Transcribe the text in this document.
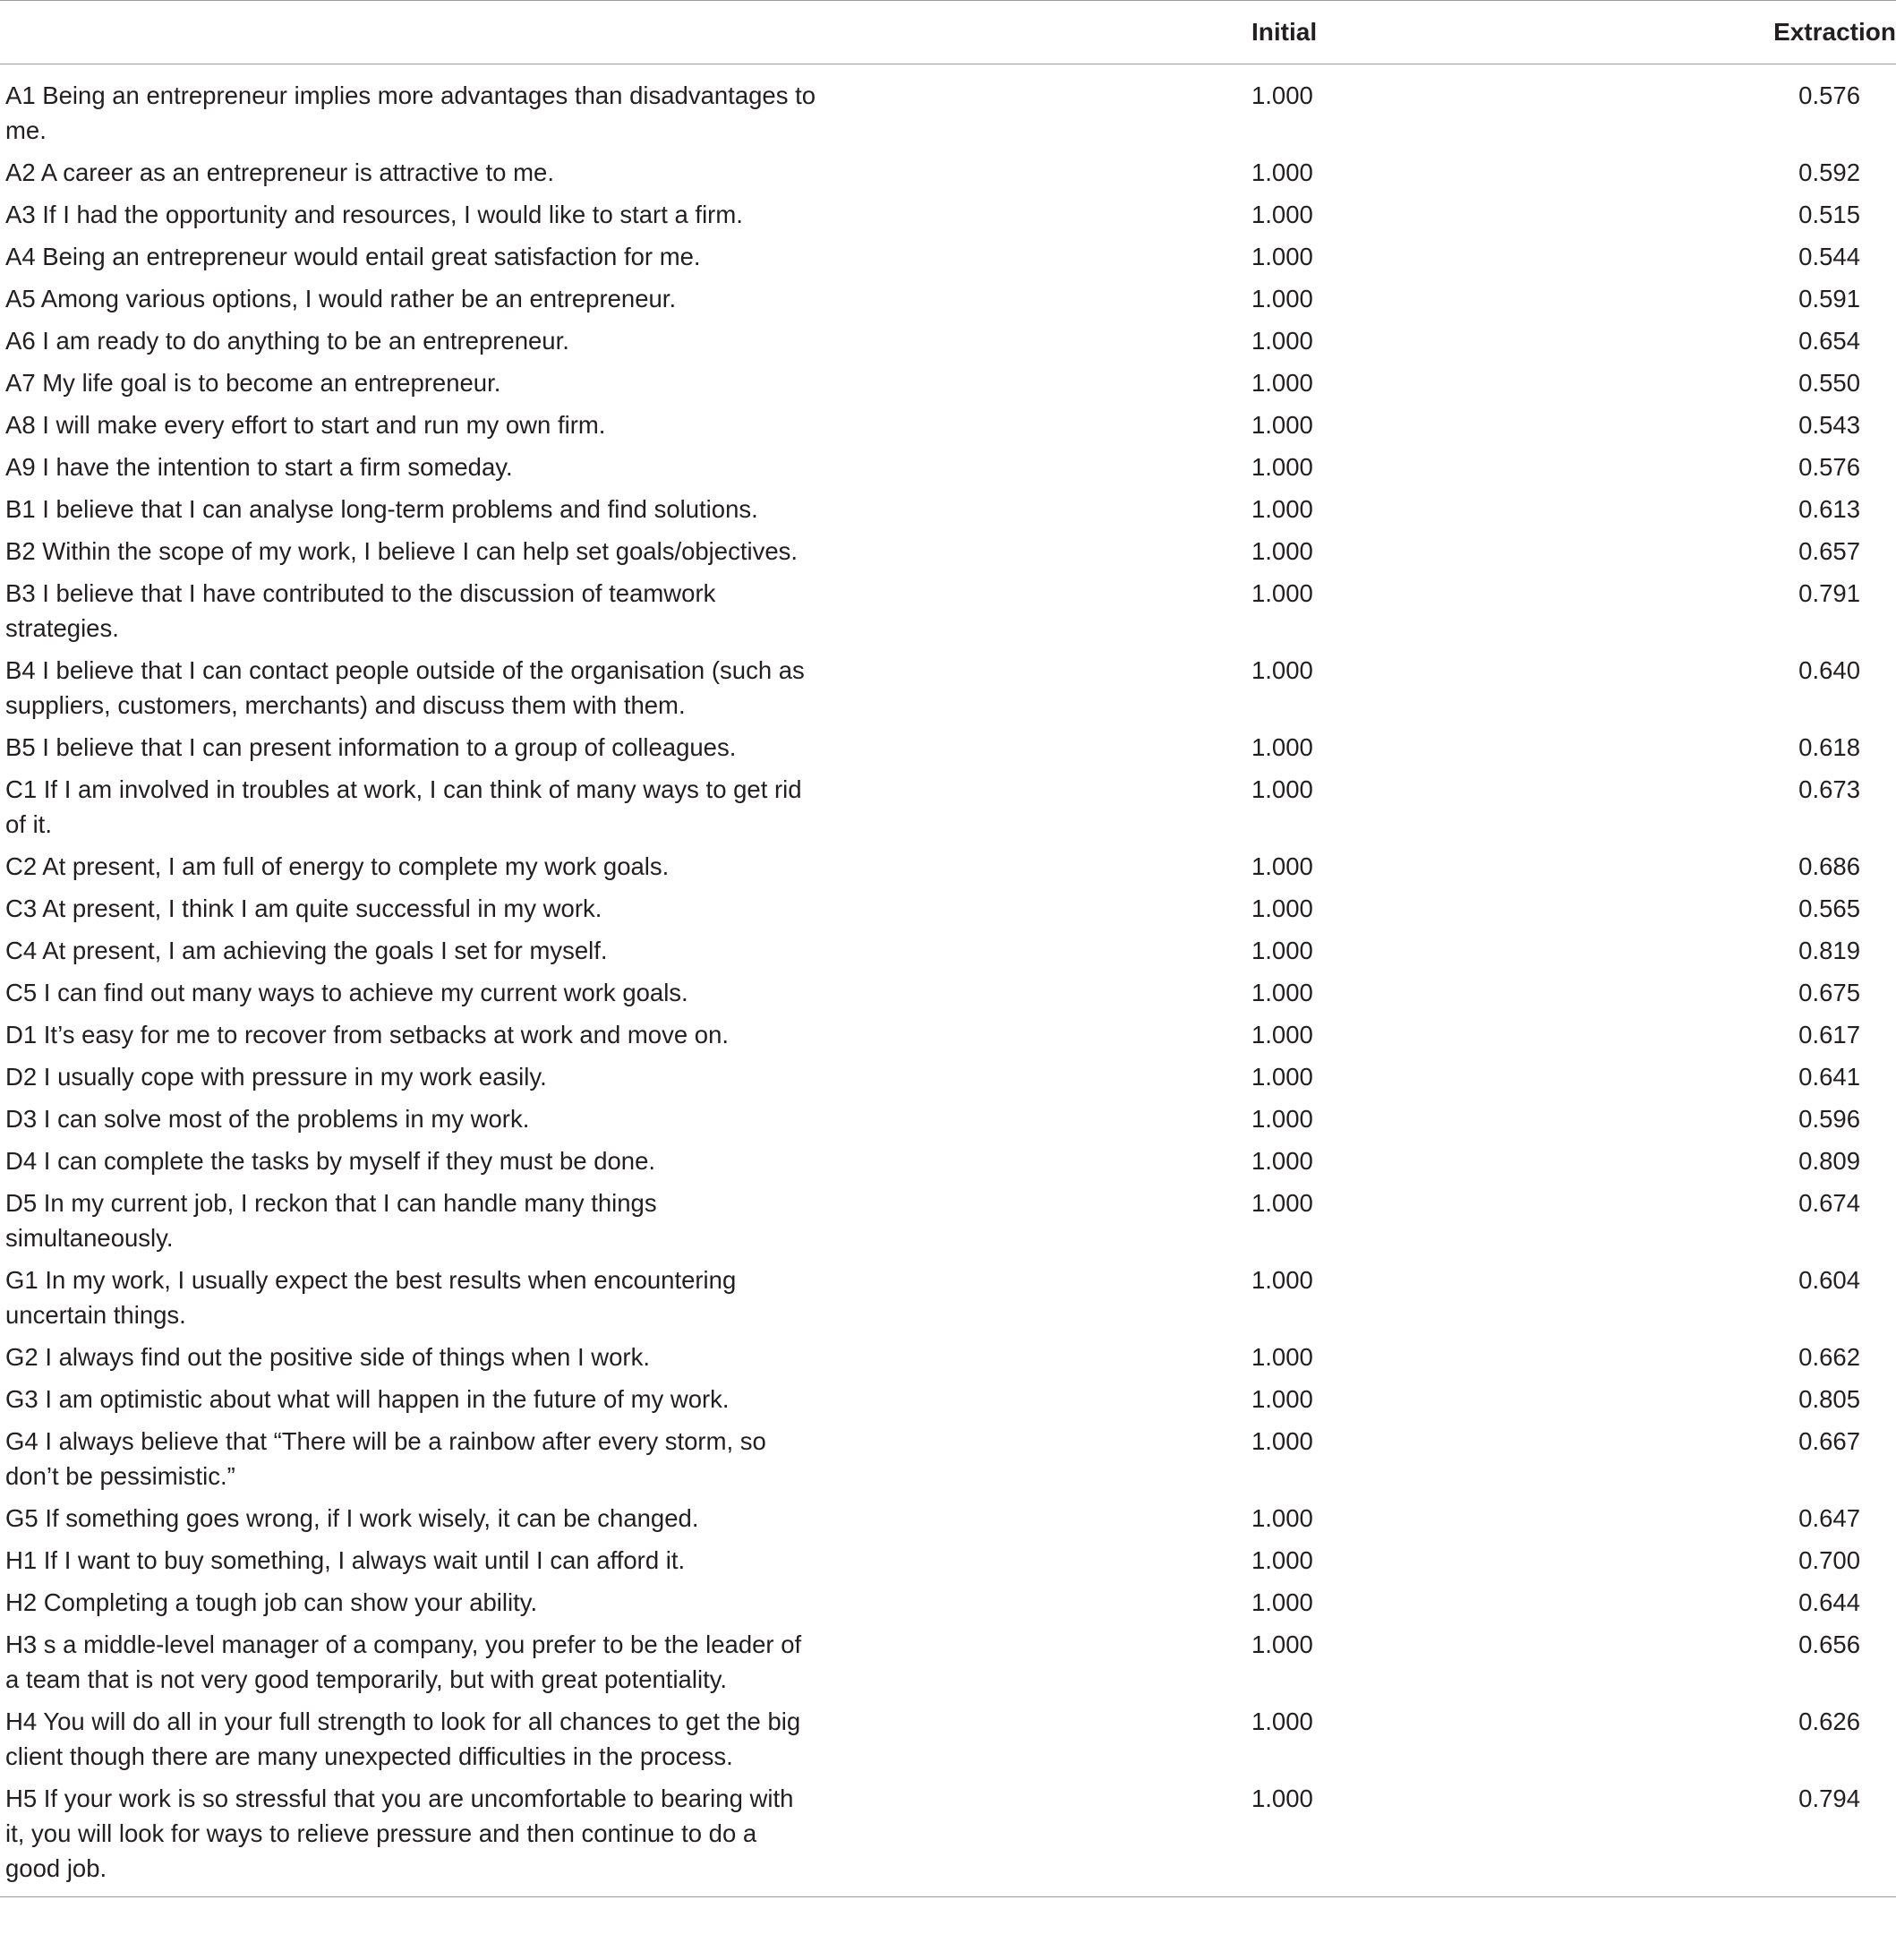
	Initial	Extraction
A1 Being an entrepreneur implies more advantages than disadvantages to me.	1.000	0.576
A2 A career as an entrepreneur is attractive to me.	1.000	0.592
A3 If I had the opportunity and resources, I would like to start a firm.	1.000	0.515
A4 Being an entrepreneur would entail great satisfaction for me.	1.000	0.544
A5 Among various options, I would rather be an entrepreneur.	1.000	0.591
A6 I am ready to do anything to be an entrepreneur.	1.000	0.654
A7 My life goal is to become an entrepreneur.	1.000	0.550
A8 I will make every effort to start and run my own firm.	1.000	0.543
A9 I have the intention to start a firm someday.	1.000	0.576
B1 I believe that I can analyse long-term problems and find solutions.	1.000	0.613
B2 Within the scope of my work, I believe I can help set goals/objectives.	1.000	0.657
B3 I believe that I have contributed to the discussion of teamwork strategies.	1.000	0.791
B4 I believe that I can contact people outside of the organisation (such as suppliers, customers, merchants) and discuss them with them.	1.000	0.640
B5 I believe that I can present information to a group of colleagues.	1.000	0.618
C1 If I am involved in troubles at work, I can think of many ways to get rid of it.	1.000	0.673
C2 At present, I am full of energy to complete my work goals.	1.000	0.686
C3 At present, I think I am quite successful in my work.	1.000	0.565
C4 At present, I am achieving the goals I set for myself.	1.000	0.819
C5 I can find out many ways to achieve my current work goals.	1.000	0.675
D1 It’s easy for me to recover from setbacks at work and move on.	1.000	0.617
D2 I usually cope with pressure in my work easily.	1.000	0.641
D3 I can solve most of the problems in my work.	1.000	0.596
D4 I can complete the tasks by myself if they must be done.	1.000	0.809
D5 In my current job, I reckon that I can handle many things simultaneously.	1.000	0.674
G1 In my work, I usually expect the best results when encountering uncertain things.	1.000	0.604
G2 I always find out the positive side of things when I work.	1.000	0.662
G3 I am optimistic about what will happen in the future of my work.	1.000	0.805
G4 I always believe that “There will be a rainbow after every storm, so don’t be pessimistic.”	1.000	0.667
G5 If something goes wrong, if I work wisely, it can be changed.	1.000	0.647
H1 If I want to buy something, I always wait until I can afford it.	1.000	0.700
H2 Completing a tough job can show your ability.	1.000	0.644
H3 s a middle-level manager of a company, you prefer to be the leader of a team that is not very good temporarily, but with great potentiality.	1.000	0.656
H4 You will do all in your full strength to look for all chances to get the big client though there are many unexpected difficulties in the process.	1.000	0.626
H5 If your work is so stressful that you are uncomfortable to bearing with it, you will look for ways to relieve pressure and then continue to do a good job.	1.000	0.794
